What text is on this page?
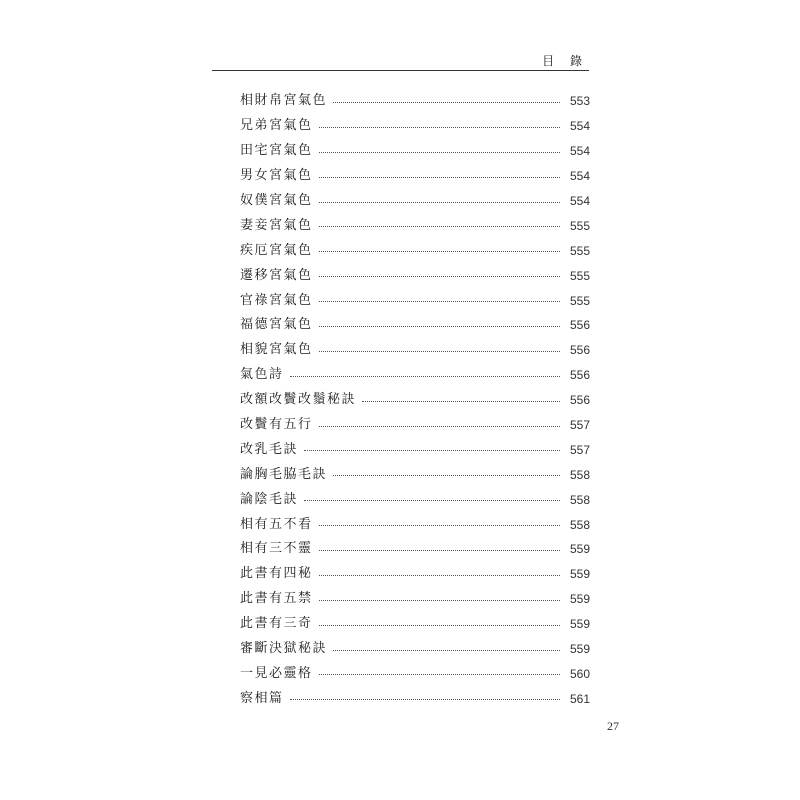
目 錄
相財帛宮氣色	553
兄弟宮氣色	554
田宅宮氣色	554
男女宮氣色	554
奴僕宮氣色	554
妻妾宮氣色	555
疾厄宮氣色	555
遷移宮氣色	555
官祿宮氣色	555
福德宮氣色	556
相貌宮氣色	556
氣色詩	556
改額改鬢改鬚秘訣	556
改鬢有五行	557
改乳毛訣	557
論胸毛脇毛訣	558
論陰毛訣	558
相有五不看	558
相有三不靈	559
此書有四秘	559
此書有五禁	559
此書有三奇	559
審斷決獄秘訣	559
一見必靈格	560
察相篇	561
27
